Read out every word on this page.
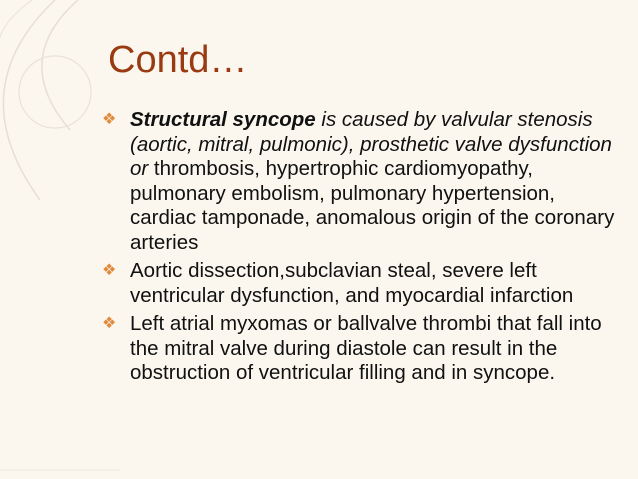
Contd…
❖ Structural syncope is caused by valvular stenosis (aortic, mitral, pulmonic), prosthetic valve dysfunction or thrombosis, hypertrophic cardiomyopathy, pulmonary embolism, pulmonary hypertension, cardiac tamponade, anomalous origin of the coronary arteries
❖ Aortic dissection,subclavian steal, severe left ventricular dysfunction, and myocardial infarction
❖ Left atrial myxomas or ballvalve thrombi that fall into the mitral valve during diastole can result in the obstruction of ventricular filling and in syncope.
